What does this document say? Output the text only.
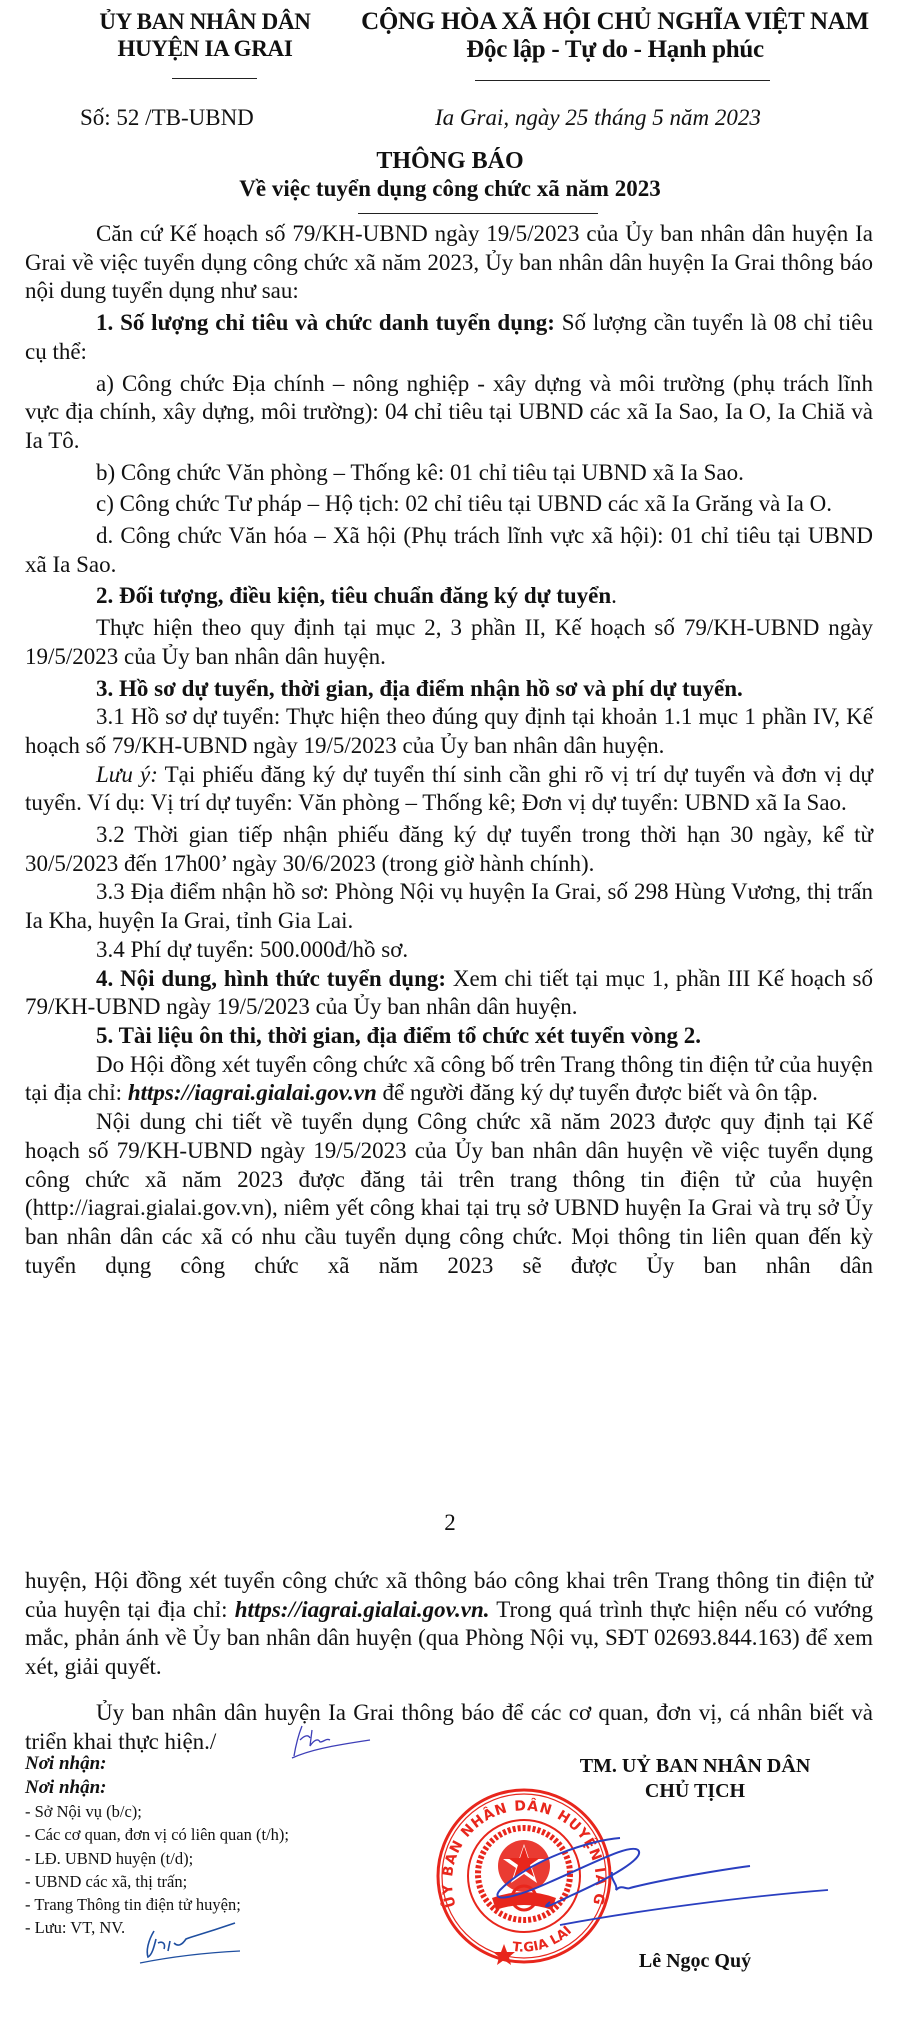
ỦY BAN NHÂN DÂN
HUYỆN IA GRAI
CỘNG HÒA XÃ HỘI CHỦ NGHĨA VIỆT NAM
Độc lập - Tự do - Hạnh phúc
Số: 52 /TB-UBND	Ia Grai, ngày 25 tháng 5 năm 2023
THÔNG BÁO
Về việc tuyển dụng công chức xã năm 2023

Căn cứ Kế hoạch số 79/KH-UBND ngày 19/5/2023 của Ủy ban nhân dân huyện Ia Grai về việc tuyển dụng công chức xã năm 2023, Ủy ban nhân dân huyện Ia Grai thông báo nội dung tuyển dụng như sau:

1. Số lượng chỉ tiêu và chức danh tuyển dụng: Số lượng cần tuyển là 08 chỉ tiêu cụ thể:

a) Công chức Địa chính – nông nghiệp - xây dựng và môi trường (phụ trách lĩnh vực địa chính, xây dựng, môi trường): 04 chỉ tiêu tại UBND các xã Ia Sao, Ia O, Ia Chiă và Ia Tô.

b) Công chức Văn phòng – Thống kê: 01 chỉ tiêu tại UBND xã Ia Sao.

c) Công chức Tư pháp – Hộ tịch: 02 chỉ tiêu tại UBND các xã Ia Grăng và Ia O.

d. Công chức Văn hóa – Xã hội (Phụ trách lĩnh vực xã hội): 01 chỉ tiêu tại UBND xã Ia Sao.

2. Đối tượng, điều kiện, tiêu chuẩn đăng ký dự tuyển.

Thực hiện theo quy định tại mục 2, 3 phần II, Kế hoạch số 79/KH-UBND ngày 19/5/2023 của Ủy ban nhân dân huyện.

3. Hồ sơ dự tuyển, thời gian, địa điểm nhận hồ sơ và phí dự tuyển.

3.1 Hồ sơ dự tuyển: Thực hiện theo đúng quy định tại khoản 1.1 mục 1 phần IV, Kế hoạch số 79/KH-UBND ngày 19/5/2023 của Ủy ban nhân dân huyện.

Lưu ý: Tại phiếu đăng ký dự tuyển thí sinh cần ghi rõ vị trí dự tuyển và đơn vị dự tuyển. Ví dụ: Vị trí dự tuyển: Văn phòng – Thống kê; Đơn vị dự tuyển: UBND xã Ia Sao.

3.2 Thời gian tiếp nhận phiếu đăng ký dự tuyển trong thời hạn 30 ngày, kể từ 30/5/2023 đến 17h00’ ngày 30/6/2023 (trong giờ hành chính).

3.3 Địa điểm nhận hồ sơ: Phòng Nội vụ huyện Ia Grai, số 298 Hùng Vương, thị trấn Ia Kha, huyện Ia Grai, tỉnh Gia Lai.

3.4 Phí dự tuyển: 500.000đ/hồ sơ.

4. Nội dung, hình thức tuyển dụng: Xem chi tiết tại mục 1, phần III Kế hoạch số 79/KH-UBND ngày 19/5/2023 của Ủy ban nhân dân huyện.

5. Tài liệu ôn thi, thời gian, địa điểm tổ chức xét tuyển vòng 2.

Do Hội đồng xét tuyển công chức xã công bố trên Trang thông tin điện tử của huyện tại địa chỉ: https://iagrai.gialai.gov.vn để người đăng ký dự tuyển được biết và ôn tập.

Nội dung chi tiết về tuyển dụng Công chức xã năm 2023 được quy định tại Kế hoạch số 79/KH-UBND ngày 19/5/2023 của Ủy ban nhân dân huyện về việc tuyển dụng công chức xã năm 2023 được đăng tải trên trang thông tin điện tử của huyện (http://iagrai.gialai.gov.vn), niêm yết công khai tại trụ sở UBND huyện Ia Grai và trụ sở Ủy ban nhân dân các xã có nhu cầu tuyển dụng công chức. Mọi thông tin liên quan đến kỳ tuyển dụng công chức xã năm 2023 sẽ được Ủy ban nhân dân

2

huyện, Hội đồng xét tuyển công chức xã thông báo công khai trên Trang thông tin điện tử của huyện tại địa chỉ: https://iagrai.gialai.gov.vn. Trong quá trình thực hiện nếu có vướng mắc, phản ánh về Ủy ban nhân dân huyện (qua Phòng Nội vụ, SĐT 02693.844.163) để xem xét, giải quyết.

Ủy ban nhân dân huyện Ia Grai thông báo để các cơ quan, đơn vị, cá nhân biết và triển khai thực hiện./

Nơi nhận:
Nơi nhận:
- Sở Nội vụ (b/c);
- Các cơ quan, đơn vị có liên quan (t/h);
- LĐ. UBND huyện (t/d);
- UBND các xã, thị trấn;
- Trang Thông tin điện tử huyện;
- Lưu: VT, NV.
TM. UỶ BAN NHÂN DÂN
CHỦ TỊCH
ỦY BAN NHÂN DÂN HUYỆN IA GRAI
T.GIA LAI
Lê Ngọc Quý
